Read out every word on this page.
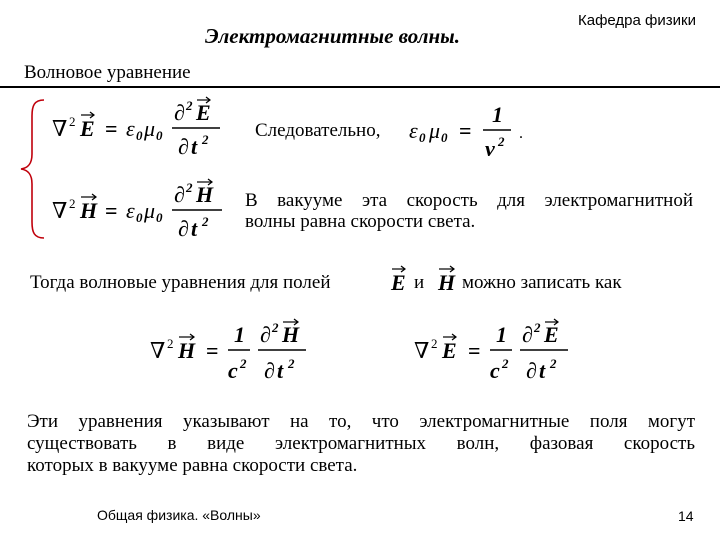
Электромагнитные волны.
Кафедра физики
Волновое уравнение
∇ 2 E = ε 0 μ 0
∂ 2 E
∂ t 2 Следовательно, ε 0 μ 0 =
1
v 2 .
∇ 2 H = ε 0 μ 0
∂ 2 H
∂ t 2
В вакууме эта скорость для электромагнитной
волны равна скорости света.
Тогда волновые уравнения для полей	E и H можно записать как
∇ 2 H =
1
c 2
∂ 2 H
∂ t 2
∇ 2 E =
1
c 2
∂ 2 E
∂ t 2
Эти уравнения указывают на то, что электромагнитные поля могут
существовать в виде электромагнитных волн, фазовая скорость
которых в вакууме равна скорости света.
Общая физика. «Волны»	14
